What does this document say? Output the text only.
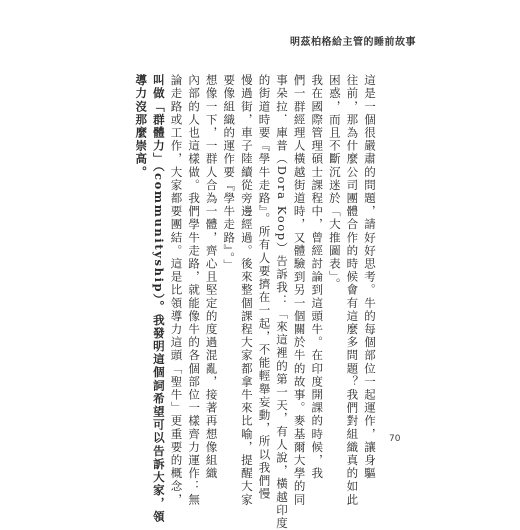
明茲柏格給主管的睡前故事
這是一個很嚴肅的問題，請好好思考。牛的每個部位一起運作，讓身驅
往前，那為什麼公司團體合作的時候會有這麼多問題？我們對組織真的如此
困惑，而且不斷沉迷於「大推圖表」。
我在國際管理碩士課程中，曾經討論到這頭牛。在印度開課的時候，我
們一群經理人橫越街道時，又體驗到另一個關於牛的故事。麥基爾大學的同
事朵拉．庫普（Dora Koop）告訴我：「來這裡的第一天，有人說，橫越印度
的街道時要『學牛走路』。所有人要擠在一起，不能輕舉妄動，所以我們慢
慢過街，車子陸續從旁邊經過。後來整個課程大家都拿牛來比喻，提醒大家
要像組織的運作要『學牛走路』。」
想像一下，一群人合為一體，齊心且堅定的度過混亂，接著再想像組織
內部的人也這樣做。我們學牛走路，就能像牛的各個部位一樣齊力運作：無
論走路或工作，大家都要團結。這是比領導力這頭「聖牛」更重要的概念，
叫做「群體力」（communityship）。我發明這個詞希望可以告訴大家，領
導力沒那麼崇高。
70
